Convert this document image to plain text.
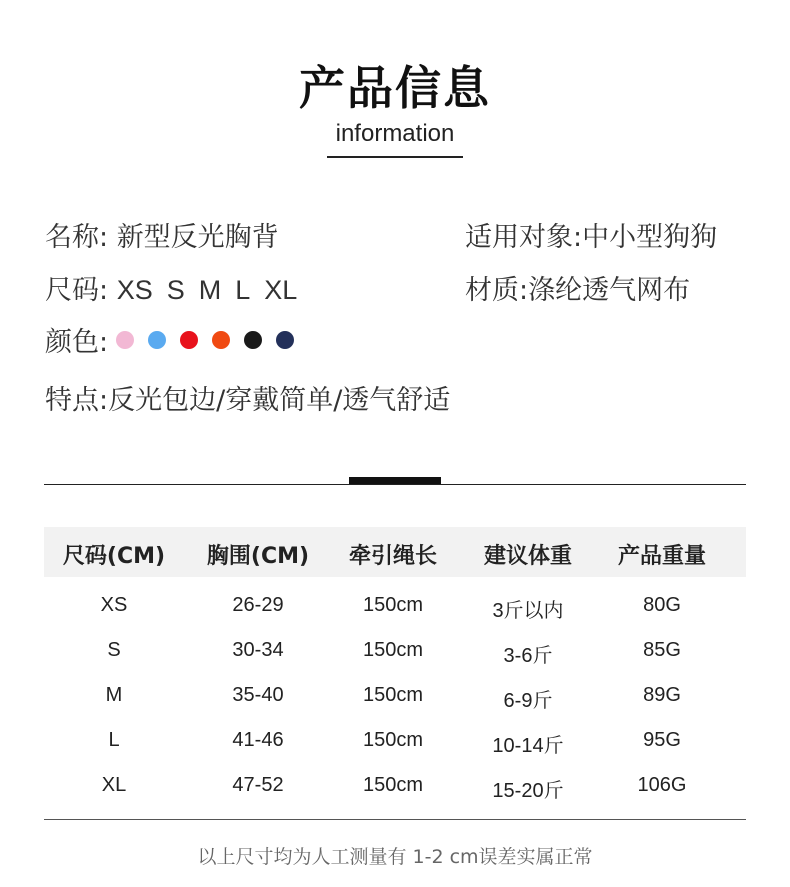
产品信息
information
名称: 新型反光胸背	适用对象:中小型狗狗
尺码: XS S M L XL	材质:涤纶透气网布
颜色:
特点:反光包边/穿戴简单/透气舒适
尺码(CM)	胸围(CM)	牵引绳长	建议体重	产品重量
XS	26-29	150cm	3斤以内	80G
S	30-34	150cm	3-6斤	85G
M	35-40	150cm	6-9斤	89G
L	41-46	150cm	10-14斤	95G
XL	47-52	150cm	15-20斤	106G
以上尺寸均为人工测量有 1-2 cm误差实属正常
